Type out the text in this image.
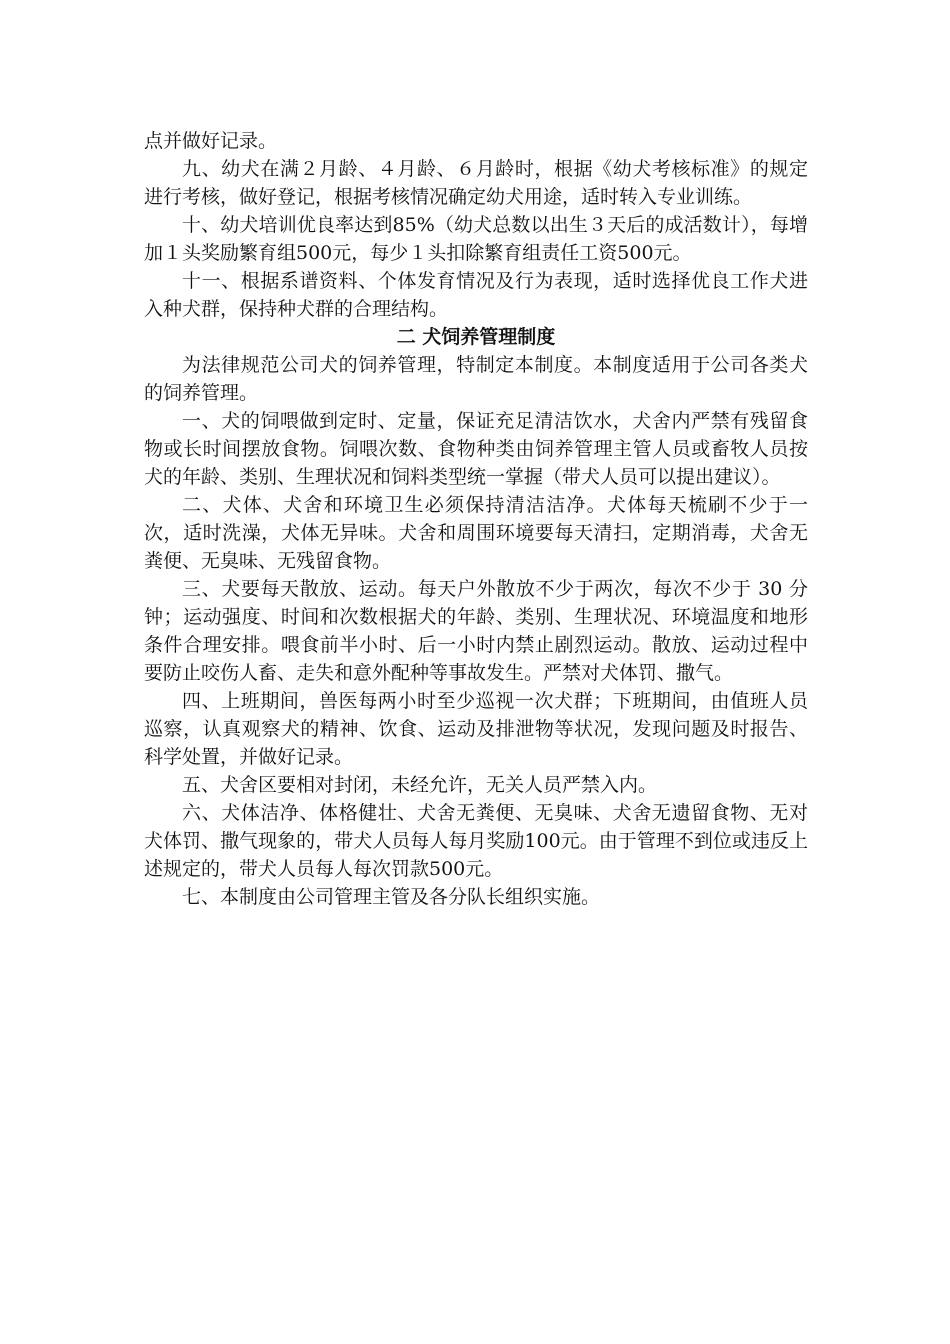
点并做好记录。

九、幼犬在满２月龄、４月龄、６月龄时，根据《幼犬考核标准》的规定进行考核，做好登记，根据考核情况确定幼犬用途，适时转入专业训练。

十、幼犬培训优良率达到85%（幼犬总数以出生３天后的成活数计），每增加１头奖励繁育组500元，每少１头扣除繁育组责任工资500元。

十一、根据系谱资料、个体发育情况及行为表现，适时选择优良工作犬进入种犬群，保持种犬群的合理结构。

二 犬饲养管理制度

为法律规范公司犬的饲养管理，特制定本制度。本制度适用于公司各类犬的饲养管理。

一、犬的饲喂做到定时、定量，保证充足清洁饮水，犬舍内严禁有残留食物或长时间摆放食物。饲喂次数、食物种类由饲养管理主管人员或畜牧人员按犬的年龄、类别、生理状况和饲料类型统一掌握（带犬人员可以提出建议）。

二、犬体、犬舍和环境卫生必须保持清洁洁净。犬体每天梳刷不少于一次，适时洗澡，犬体无异味。犬舍和周围环境要每天清扫，定期消毒，犬舍无粪便、无臭味、无残留食物。

三、犬要每天散放、运动。每天户外散放不少于两次，每次不少于 30 分钟；运动强度、时间和次数根据犬的年龄、类别、生理状况、环境温度和地形条件合理安排。喂食前半小时、后一小时内禁止剧烈运动。散放、运动过程中要防止咬伤人畜、走失和意外配种等事故发生。严禁对犬体罚、撒气。

四、上班期间，兽医每两小时至少巡视一次犬群；下班期间，由值班人员巡察，认真观察犬的精神、饮食、运动及排泄物等状况，发现问题及时报告、科学处置，并做好记录。

五、犬舍区要相对封闭，未经允许，无关人员严禁入内。

六、犬体洁净、体格健壮、犬舍无粪便、无臭味、犬舍无遗留食物、无对犬体罚、撒气现象的，带犬人员每人每月奖励100元。由于管理不到位或违反上述规定的，带犬人员每人每次罚款500元。

七、本制度由公司管理主管及各分队长组织实施。
